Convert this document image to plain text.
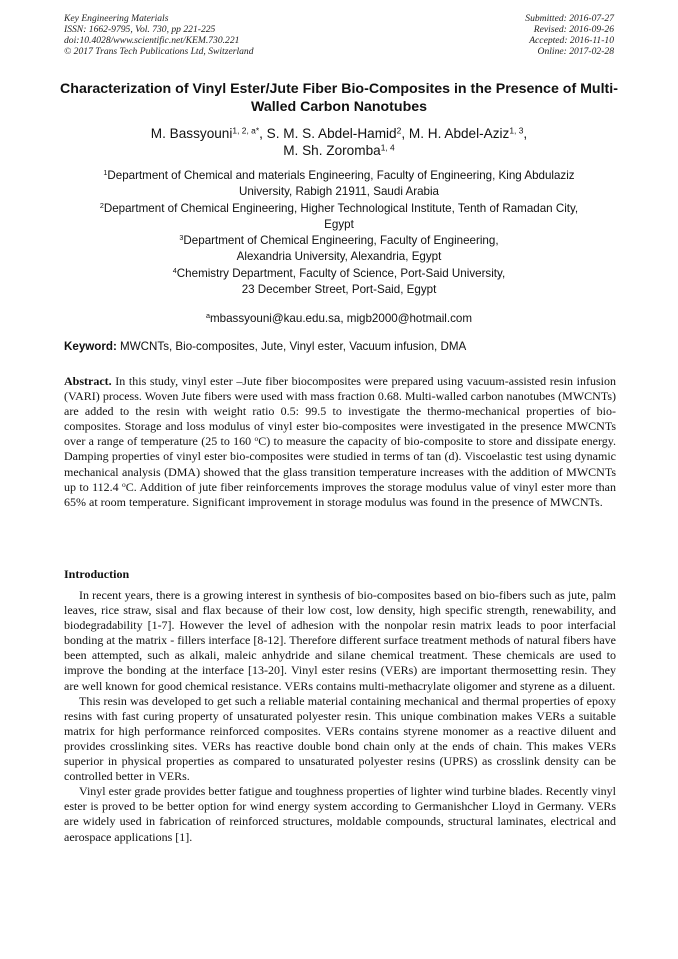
Key Engineering Materials
ISSN: 1662-9795, Vol. 730, pp 221-225
doi:10.4028/www.scientific.net/KEM.730.221
© 2017 Trans Tech Publications Ltd, Switzerland
Submitted: 2016-07-27
Revised: 2016-09-26
Accepted: 2016-11-10
Online: 2017-02-28
Characterization of Vinyl Ester/Jute Fiber Bio-Composites in the Presence of Multi-Walled Carbon Nanotubes
M. Bassyouni$^{1, 2, a*}$, S. M. S. Abdel-Hamid$^2$, M. H. Abdel-Aziz$^{1, 3}$,
M. Sh. Zoromba$^{1, 4}$

$^1$Department of Chemical and materials Engineering, Faculty of Engineering, King Abdulaziz
University, Rabigh 21911, Saudi Arabia

$^2$Department of Chemical Engineering, Higher Technological Institute, Tenth of Ramadan City,
Egypt

$^3$Department of Chemical Engineering, Faculty of Engineering,
Alexandria University, Alexandria, Egypt

$^4$Chemistry Department, Faculty of Science, Port-Said University,
23 December Street, Port-Said, Egypt

$^a$mbassyouni@kau.edu.sa, migb2000@hotmail.com

Keyword: MWCNTs, Bio-composites, Jute, Vinyl ester, Vacuum infusion, DMA

Abstract. In this study, vinyl ester –Jute fiber biocomposites were prepared using vacuum-assisted resin infusion (VARI) process. Woven Jute fibers were used with mass fraction 0.68. Multi-walled carbon nanotubes (MWCNTs) are added to the resin with weight ratio 0.5: 99.5 to investigate the thermo-mechanical properties of bio-composites. Storage and loss modulus of vinyl ester bio-composites were investigated in the presence MWCNTs over a range of temperature (25 to 160 $^o$C) to measure the capacity of bio-composite to store and dissipate energy. Damping properties of vinyl ester bio-composites were studied in terms of tan (d). Viscoelastic test using dynamic mechanical analysis (DMA) showed that the glass transition temperature increases with the addition of MWCNTs up to 112.4 $^o$C. Addition of jute fiber reinforcements improves the storage modulus value of vinyl ester more than 65% at room temperature. Significant improvement in storage modulus was found in the presence of MWCNTs.

Introduction

In recent years, there is a growing interest in synthesis of bio-composites based on bio-fibers such as jute, palm leaves, rice straw, sisal and flax because of their low cost, low density, high specific strength, renewability, and biodegradability [1-7]. However the level of adhesion with the nonpolar resin matrix leads to poor interfacial bonding at the matrix - fillers interface [8-12]. Therefore different surface treatment methods of natural fibers have been attempted, such as alkali, maleic anhydride and silane chemical treatment. These chemicals are used to improve the bonding at the interface [13-20]. Vinyl ester resins (VERs) are important thermosetting resin. They are well known for good chemical resistance. VERs contains multi-methacrylate oligomer and styrene as a diluent.

This resin was developed to get such a reliable material containing mechanical and thermal properties of epoxy resins with fast curing property of unsaturated polyester resin. This unique combination makes VERs a suitable matrix for high performance reinforced composites. VERs contains styrene monomer as a reactive diluent and provides crosslinking sites. VERs has reactive double bond chain only at the ends of chain. This makes VERs superior in physical properties as compared to unsaturated polyester resins (UPRS) as crosslink density can be controlled better in VERs.

Vinyl ester grade provides better fatigue and toughness properties of lighter wind turbine blades. Recently vinyl ester is proved to be better option for wind energy system according to Germanishcher Lloyd in Germany. VERs are widely used in fabrication of reinforced structures, moldable compounds, structural laminates, electrical and aerospace applications [1].
